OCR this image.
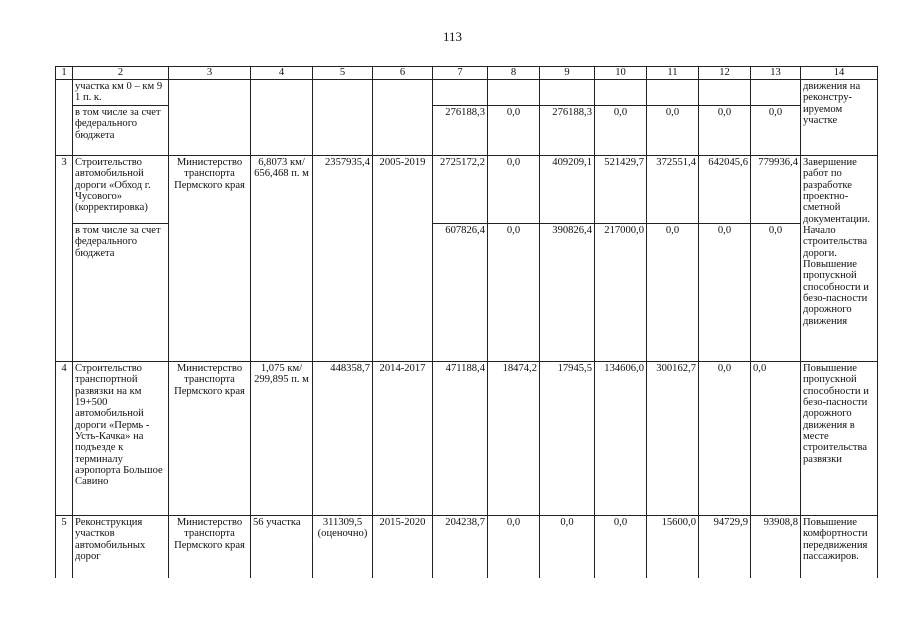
113
1	2	3	4	5	6	7	8	9	10	11	12	13	14
	участка км 0 – км 9 1 п. к.												движения на реконстру-ируемом участке
	в том числе за счет федерального бюджета					276188,3	0,0	276188,3	0,0	0,0	0,0	0,0	
3	Строительство автомобильной дороги «Обход г. Чусового» (корректировка)	Министерство транспорта Пермского края	6,8073 км/ 656,468 п. м	2357935,4	2005-2019	2725172,2	0,0	409209,1	521429,7	372551,4	642045,6	779936,4	Завершение работ по разработке проектно-сметной документации. Начало строительства дороги. Повышение пропускной способности и безо-пасности дорожного движения
	в том числе за счет федерального бюджета					607826,4	0,0	390826,4	217000,0	0,0	0,0	0,0	
4	Строительство транспортной развязки на км 19+500 автомобильной дороги «Пермь - Усть-Качка» на подъезде к терминалу аэропорта Большое Савино	Министерство транспорта Пермского края	1,075 км/ 299,895 п. м	448358,7	2014-2017	471188,4	18474,2	17945,5	134606,0	300162,7	0,0	0,0	Повышение пропускной способности и безо-пасности дорожного движения в месте строительства развязки
5	Реконструкция участков автомобильных дорог	Министерство транспорта Пермского края	56 участка	311309,5 (оценочно)	2015-2020	204238,7	0,0	0,0	0,0	15600,0	94729,9	93908,8	Повышение комфортности передвижения пассажиров.
